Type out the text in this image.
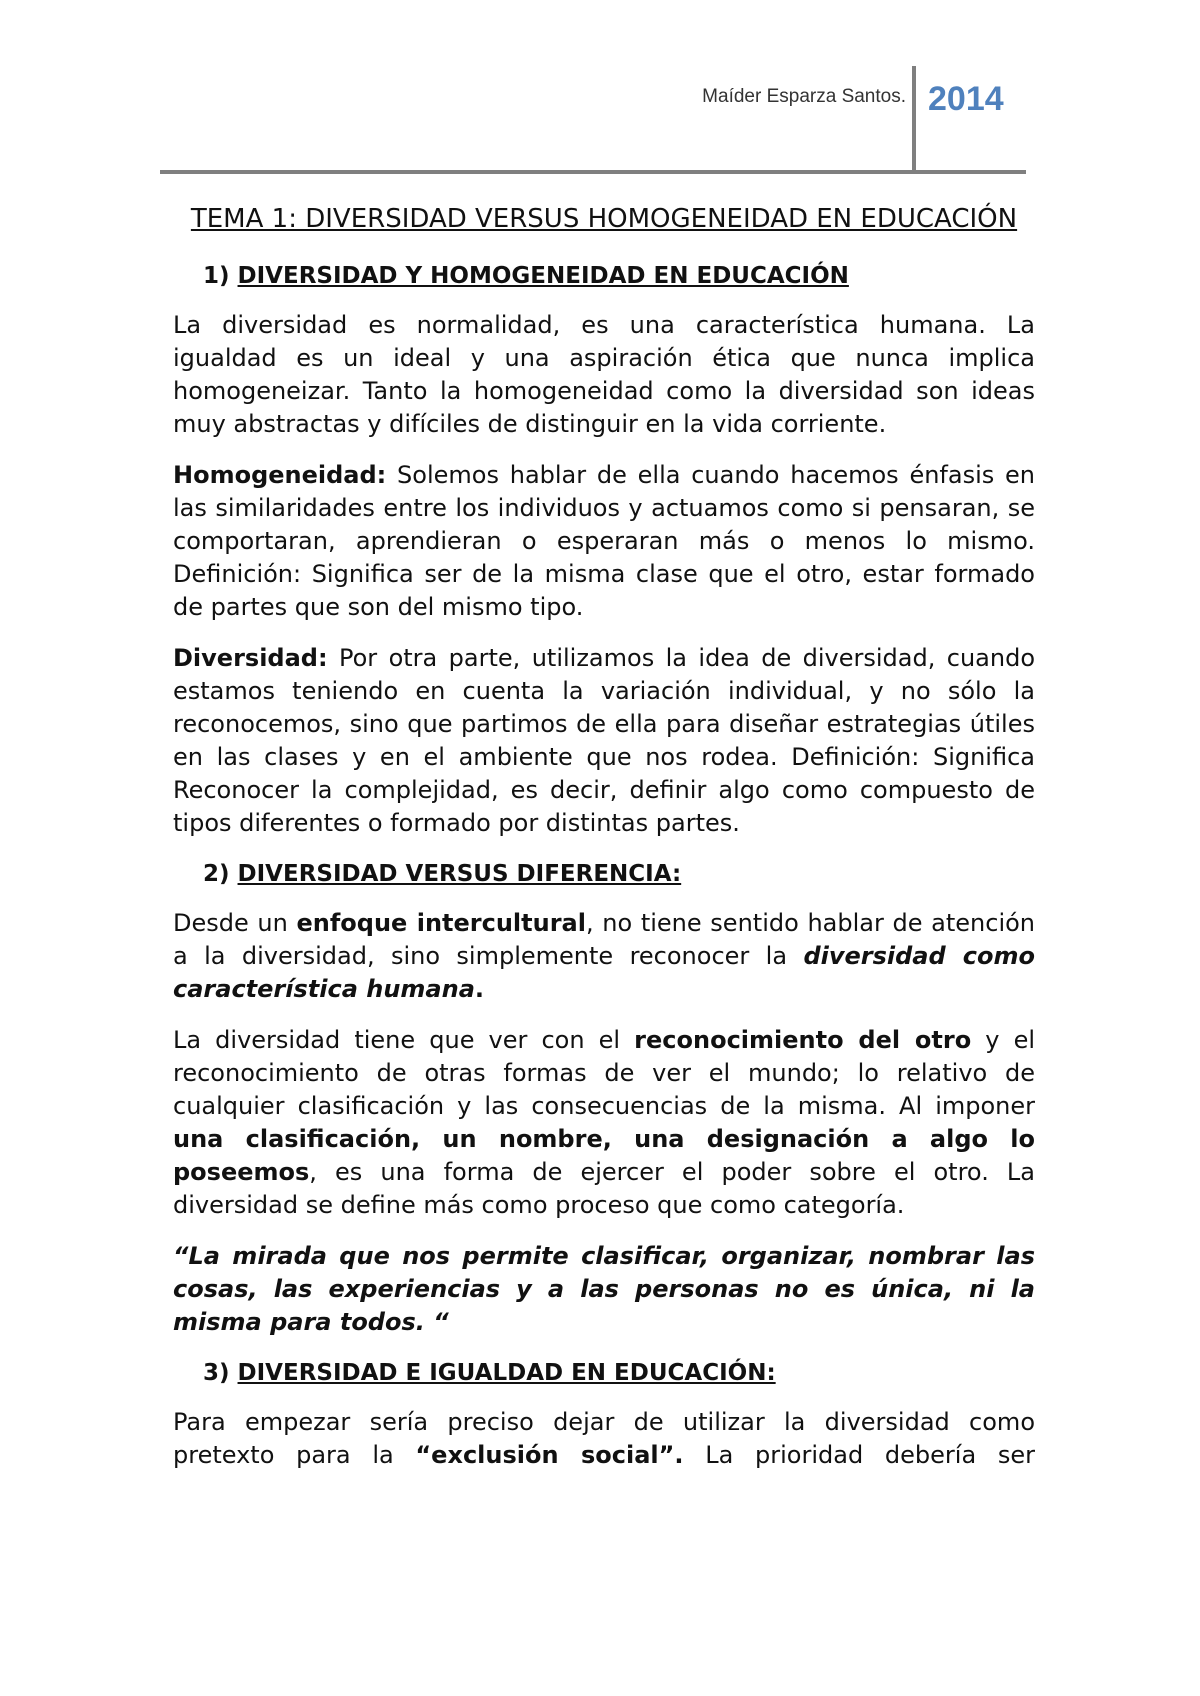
Maíder Esparza Santos. 2014
TEMA 1: DIVERSIDAD VERSUS HOMOGENEIDAD EN EDUCACIÓN
1) DIVERSIDAD Y HOMOGENEIDAD EN EDUCACIÓN

La diversidad es normalidad, es una característica humana. La igualdad es un ideal y una aspiración ética que nunca implica homogeneizar. Tanto la homogeneidad como la diversidad son ideas muy abstractas y difíciles de distinguir en la vida corriente.

Homogeneidad: Solemos hablar de ella cuando hacemos énfasis en las similaridades entre los individuos y actuamos como si pensaran, se comportaran, aprendieran o esperaran más o menos lo mismo. Definición: Significa ser de la misma clase que el otro, estar formado de partes que son del mismo tipo.

Diversidad: Por otra parte, utilizamos la idea de diversidad, cuando estamos teniendo en cuenta la variación individual, y no sólo la reconocemos, sino que partimos de ella para diseñar estrategias útiles en las clases y en el ambiente que nos rodea. Definición: Significa Reconocer la complejidad, es decir, definir algo como compuesto de tipos diferentes o formado por distintas partes.

2) DIVERSIDAD VERSUS DIFERENCIA:

Desde un enfoque intercultural, no tiene sentido hablar de atención a la diversidad, sino simplemente reconocer la diversidad como característica humana.

La diversidad tiene que ver con el reconocimiento del otro y el reconocimiento de otras formas de ver el mundo; lo relativo de cualquier clasificación y las consecuencias de la misma. Al imponer una clasificación, un nombre, una designación a algo lo poseemos, es una forma de ejercer el poder sobre el otro. La diversidad se define más como proceso que como categoría.

“La mirada que nos permite clasificar, organizar, nombrar las cosas, las experiencias y a las personas no es única, ni la misma para todos. “

3) DIVERSIDAD E IGUALDAD EN EDUCACIÓN:

Para empezar sería preciso dejar de utilizar la diversidad como pretexto para la “exclusión social”. La prioridad debería ser
